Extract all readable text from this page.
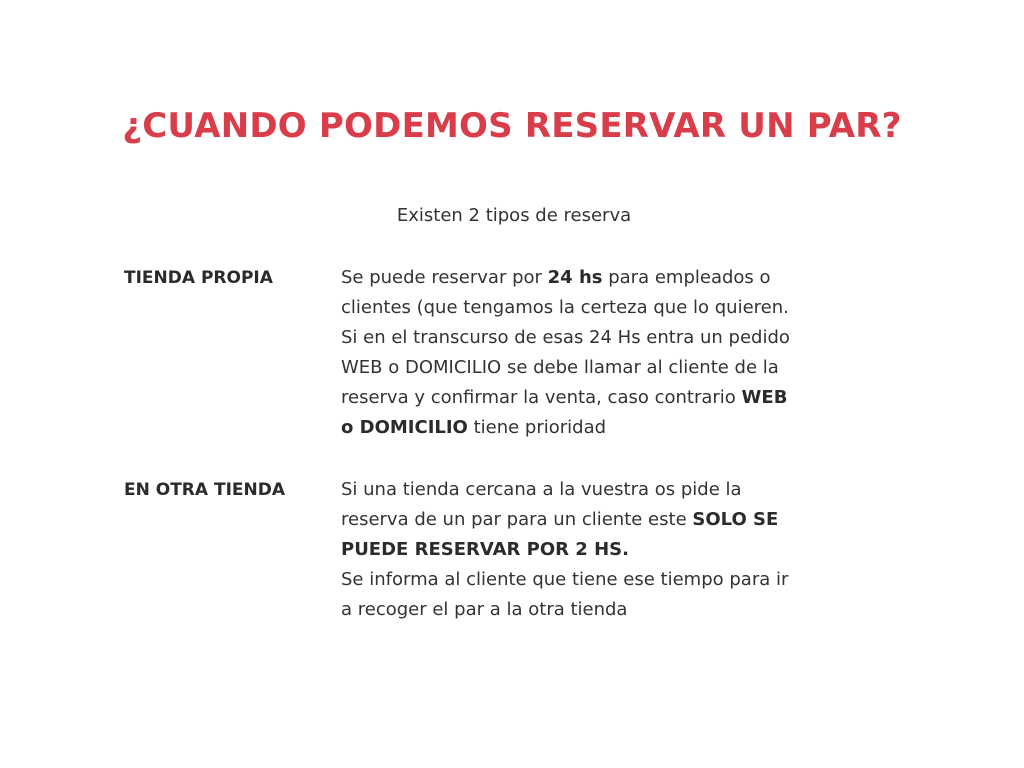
¿CUANDO PODEMOS RESERVAR UN PAR?

Existen 2 tipos de reserva

TIENDA PROPIA	Se puede reservar por 24 hs para empleados o
clientes (que tengamos la certeza que lo quieren.
Si en el transcurso de esas 24 Hs entra un pedido
WEB o DOMICILIO se debe llamar al cliente de la
reserva y confirmar la venta, caso contrario WEB
o DOMICILIO tiene prioridad

EN OTRA TIENDA	Si una tienda cercana a la vuestra os pide la
reserva de un par para un cliente este SOLO SE
PUEDE RESERVAR POR 2 HS.
Se informa al cliente que tiene ese tiempo para ir
a recoger el par a la otra tienda
